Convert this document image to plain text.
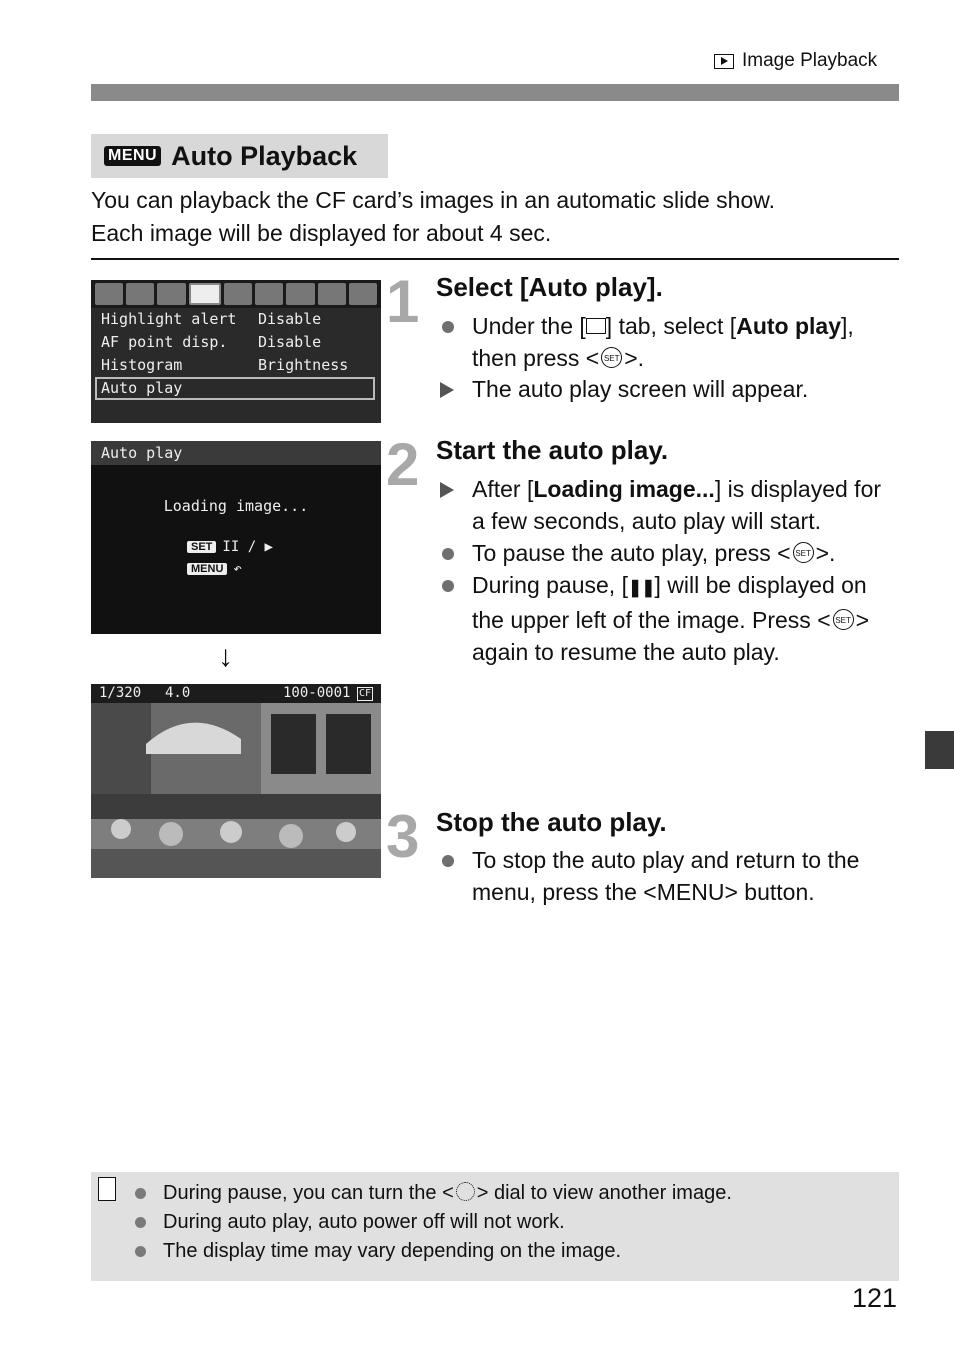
Image Playback
MENU Auto Playback
You can playback the CF card’s images in an automatic slide show.
Each image will be displayed for about 4 sec.
Highlight alert	Disable
AF point disp.	Disable
Histogram	Brightness
Auto play
Auto play
Loading image...
SET II / ▶
MENU ↶
↓
1/320 4.0	100-0001 CF
1 Select [Auto play].
Under the [ ] tab, select [Auto play], then press < SET >.
The auto play screen will appear.
2 Start the auto play.
After [Loading image...] is displayed for a few seconds, auto play will start.
To pause the auto play, press < SET >.
During pause, [❚❚] will be displayed on the upper left of the image. Press < SET > again to resume the auto play.
3 Stop the auto play.
To stop the auto play and return to the menu, press the <MENU> button.
During pause, you can turn the < > dial to view another image.
During auto play, auto power off will not work.
The display time may vary depending on the image.
121
